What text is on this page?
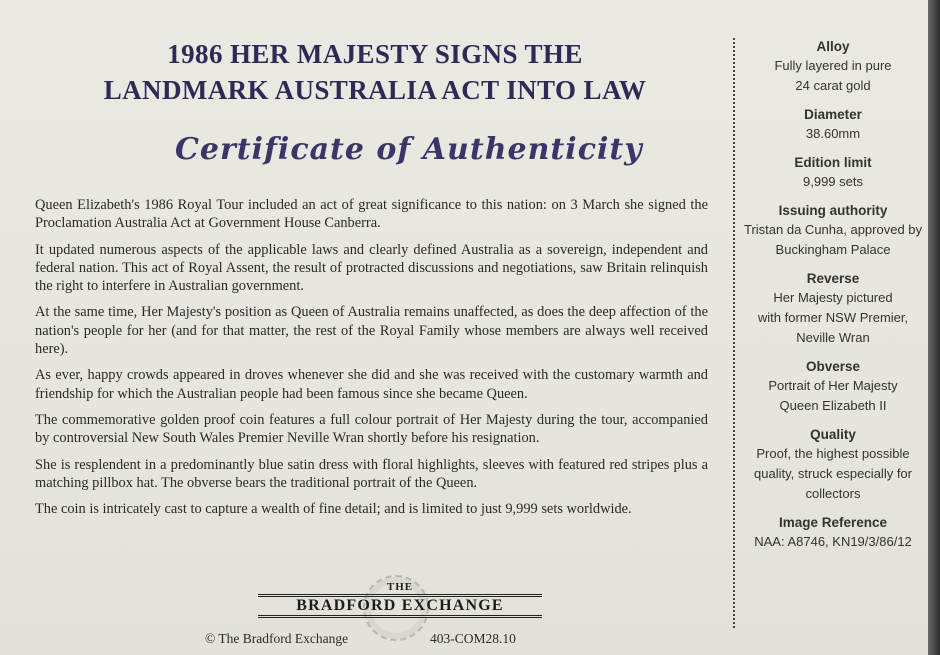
1986 HER MAJESTY SIGNS THE
LANDMARK AUSTRALIA ACT INTO LAW
Certificate of Authenticity

Queen Elizabeth's 1986 Royal Tour included an act of great significance to this nation: on 3 March she signed the Proclamation Australia Act at Government House Canberra.

It updated numerous aspects of the applicable laws and clearly defined Australia as a sovereign, independent and federal nation. This act of Royal Assent, the result of protracted discussions and negotiations, saw Britain relinquish the right to interfere in Australian government.

At the same time, Her Majesty's position as Queen of Australia remains unaffected, as does the deep affection of the nation's people for her (and for that matter, the rest of the Royal Family whose members are always well received here).

As ever, happy crowds appeared in droves whenever she did and she was received with the customary warmth and friendship for which the Australian people had been famous since she became Queen.

The commemorative golden proof coin features a full colour portrait of Her Majesty during the tour, accompanied by controversial New South Wales Premier Neville Wran shortly before his resignation.

She is resplendent in a predominantly blue satin dress with floral highlights, sleeves with featured red stripes plus a matching pillbox hat. The obverse bears the traditional portrait of the Queen.

The coin is intricately cast to capture a wealth of fine detail; and is limited to just 9,999 sets worldwide.

Alloy
Fully layered in pure
24 carat gold
Diameter
38.60mm
Edition limit
9,999 sets
Issuing authority
Tristan da Cunha, approved by
Buckingham Palace
Reverse
Her Majesty pictured
with former NSW Premier,
Neville Wran
Obverse
Portrait of Her Majesty
Queen Elizabeth II
Quality
Proof, the highest possible
quality, struck especially for
collectors
Image Reference
NAA: A8746, KN19/3/86/12
THE
BRADFORD EXCHANGE
© The Bradford Exchange	403-COM28.10
